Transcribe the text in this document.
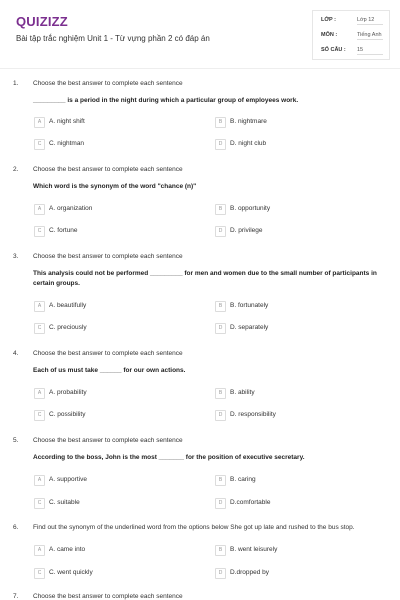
QUIZIZZ
Bài tập trắc nghiệm Unit 1 - Từ vựng phần 2 có đáp án
LỚP :	Lớp 12
MÔN :	Tiếng Anh
SỐ CÂU : 15
1. Choose the best answer to complete each sentence
_________ is a period in the night during which a particular group of employees work.
A	A. night shift	B	B. nightmare
C	C. nightman	D	D. night club
2. Choose the best answer to complete each sentence
Which word is the synonym of the word "chance (n)"
A	A. organization	B	B. opportunity
C	C. fortune	D	D. privilege
3. Choose the best answer to complete each sentence
This analysis could not be performed _________ for men and women due to the small number of participants in certain groups.
A	A. beautifully	B	B. fortunately
C	C. preciously	D	D. separately
4. Choose the best answer to complete each sentence
Each of us must take ______ for our own actions.
A	A. probability	B	B. ability
C	C. possibility	D	D. responsibility
5. Choose the best answer to complete each sentence
According to the boss, John is the most _______ for the position of executive secretary.
A	A. supportive	B	B. caring
C	C. suitable	D	D.comfortable
6. Find out the synonym of the underlined word from the options below She got up late and rushed to the bus stop.
A	A. came into	B	B. went leisurely
C	C. went quickly	D	D.dropped by
7. Choose the best answer to complete each sentence
